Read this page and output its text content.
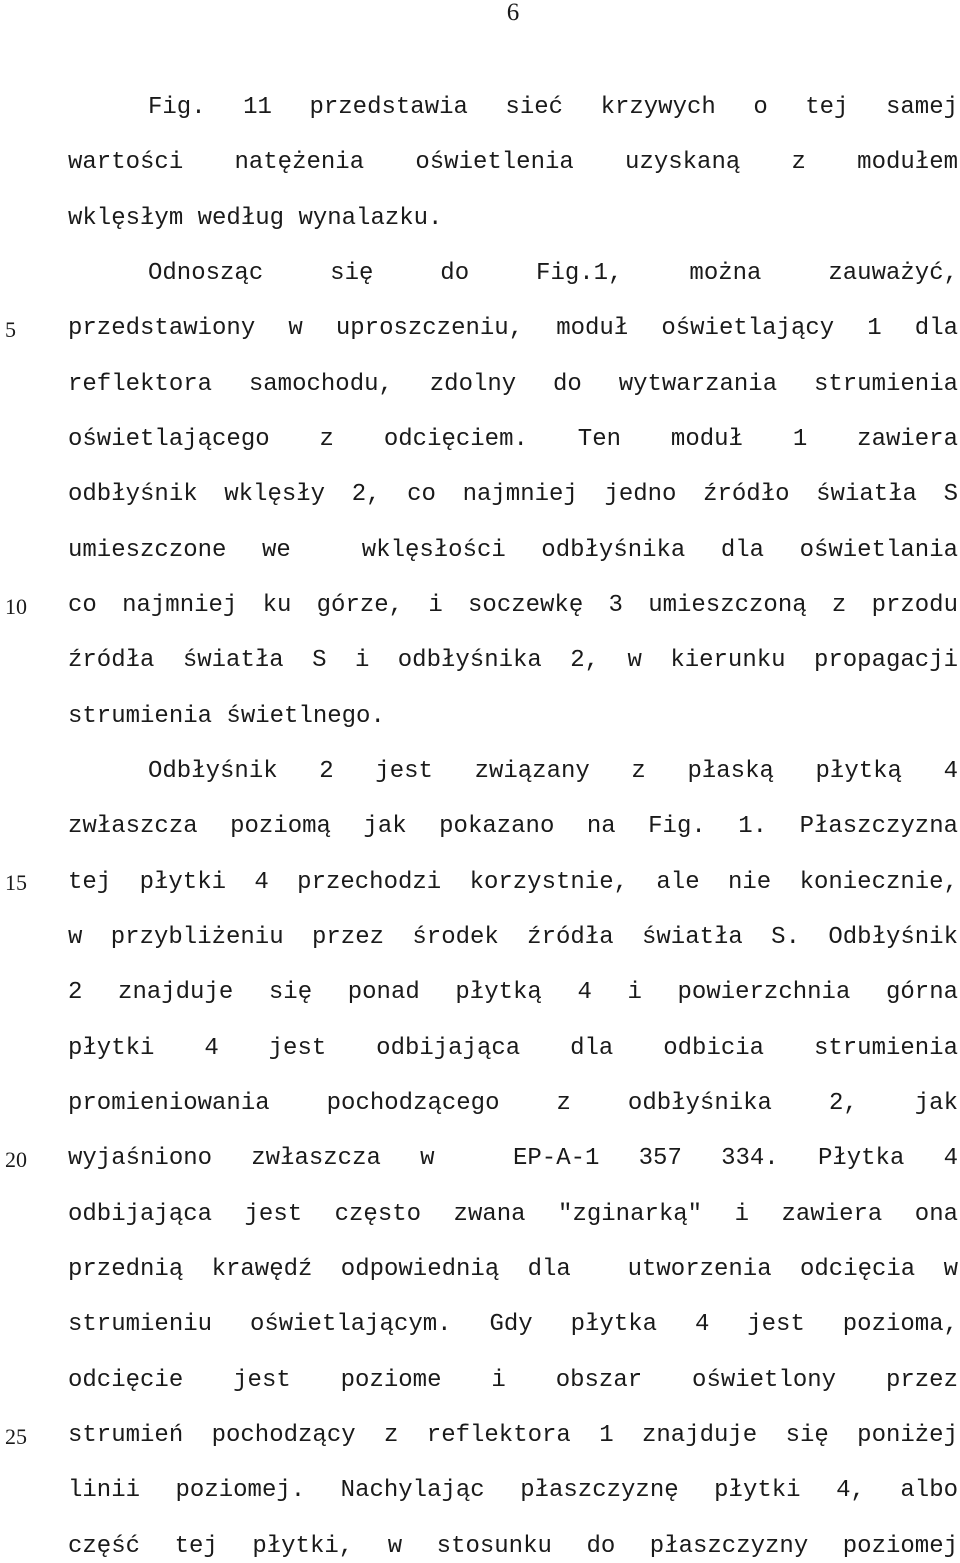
6
5
10
15
20
25
Fig. 11 przedstawia sieć krzywych o tej samej
wartości natężenia oświetlenia uzyskaną z modułem
wklęsłym według wynalazku.
Odnosząc się do Fig.1, można zauważyć,
przedstawiony w uproszczeniu, moduł oświetlający 1 dla
reflektora samochodu, zdolny do wytwarzania strumienia
oświetlającego z odcięciem. Ten moduł 1 zawiera
odbłyśnik wklęsły 2, co najmniej jedno źródło światła S
umieszczone we  wklęsłości odbłyśnika dla oświetlania
co najmniej ku górze, i soczewkę 3 umieszczoną z przodu
źródła światła S i odbłyśnika 2, w kierunku propagacji
strumienia świetlnego.
Odbłyśnik 2 jest związany z płaską płytką 4
zwłaszcza poziomą jak pokazano na Fig. 1. Płaszczyzna
tej płytki 4 przechodzi korzystnie, ale nie koniecznie,
w przybliżeniu przez środek źródła światła S. Odbłyśnik
2 znajduje się ponad płytką 4 i powierzchnia górna
płytki 4 jest odbijająca dla odbicia strumienia
promieniowania pochodzącego z odbłyśnika 2, jak
wyjaśniono zwłaszcza w  EP-A-1 357 334. Płytka 4
odbijająca jest często zwana "zginarką" i zawiera ona
przednią krawędź odpowiednią dla  utworzenia odcięcia w
strumieniu oświetlającym. Gdy płytka 4 jest pozioma,
odcięcie jest poziome i obszar oświetlony przez
strumień pochodzący z reflektora 1 znajduje się poniżej
linii poziomej. Nachylając płaszczyznę płytki 4, albo
część tej płytki, w stosunku do płaszczyzny poziomej
